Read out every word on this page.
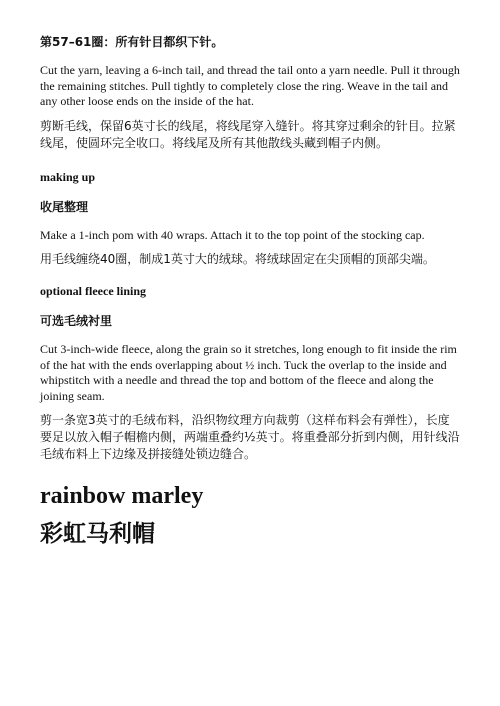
第57–61圈：所有针目都织下针。

Cut the yarn, leaving a 6-inch tail, and thread the tail onto a yarn needle. Pull it through the remaining stitches. Pull tightly to completely close the ring. Weave in the tail and any other loose ends on the inside of the hat.

剪断毛线，保留6英寸长的线尾，将线尾穿入缝针。将其穿过剩余的针目。拉紧线尾，使圆环完全收口。将线尾及所有其他散线头藏到帽子内侧。

making up

收尾整理

Make a 1-inch pom with 40 wraps. Attach it to the top point of the stocking cap.

用毛线缠绕40圈，制成1英寸大的绒球。将绒球固定在尖顶帽的顶部尖端。

optional fleece lining

可选毛绒衬里

Cut 3-inch-wide fleece, along the grain so it stretches, long enough to fit inside the rim of the hat with the ends overlapping about ½ inch. Tuck the overlap to the inside and whipstitch with a needle and thread the top and bottom of the fleece and along the joining seam.

剪一条宽3英寸的毛绒布料，沿织物纹理方向裁剪（这样布料会有弹性），长度要足以放入帽子帽檐内侧，两端重叠约½英寸。将重叠部分折到内侧，用针线沿毛绒布料上下边缘及拼接缝处锁边缝合。

rainbow marley

彩虹马利帽
